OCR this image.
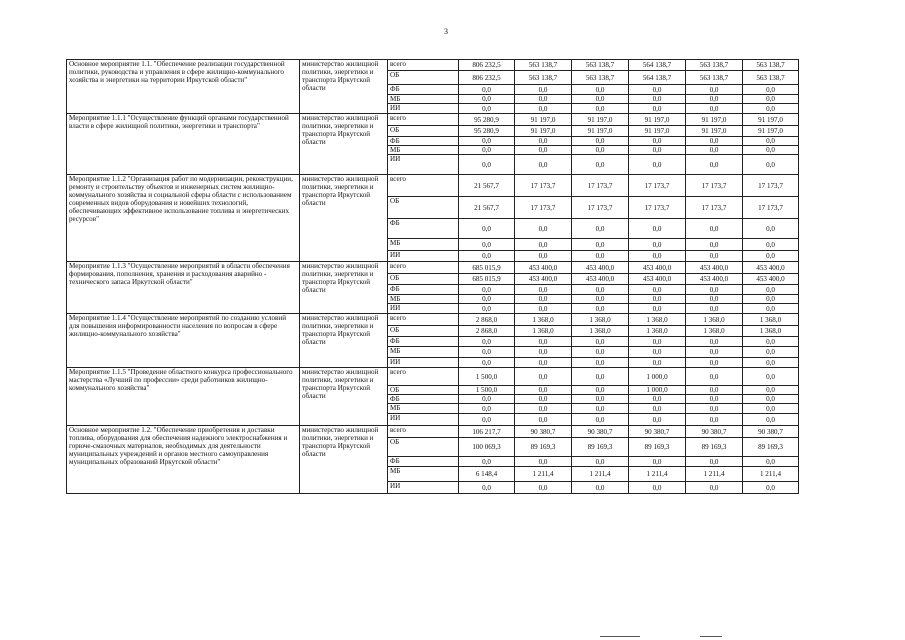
3
Основное мероприятие 1.1. "Обеспечение реализации государственной политики, руководства и управления в сфере жилищно-коммунального хозяйства и энергетики на территории Иркутской области"	министерство жилищной политики, энергетики и транспорта Иркутской области	всего	806 232,5	563 138,7	563 138,7	564 138,7	563 138,7	563 138,7
		ОБ	806 232,5	563 138,7	563 138,7	564 138,7	563 138,7	563 138,7
		ФБ	0,0	0,0	0,0	0,0	0,0	0,0
		МБ	0,0	0,0	0,0	0,0	0,0	0,0
		ИИ	0,0	0,0	0,0	0,0	0,0	0,0
Мероприятие 1.1.1 "Осуществление функций органами государственной власти в сфере жилищной политики, энергетики и транспорта"	министерство жилищной политики, энергетики и транспорта Иркутской области	всего	95 280,9	91 197,0	91 197,0	91 197,0	91 197,0	91 197,0
		ОБ	95 280,9	91 197,0	91 197,0	91 197,0	91 197,0	91 197,0
		ФБ	0,0	0,0	0,0	0,0	0,0	0,0
		МБ	0,0	0,0	0,0	0,0	0,0	0,0
		ИИ	0,0	0,0	0,0	0,0	0,0	0,0
Мероприятие 1.1.2 "Организация работ по модернизации, реконструкции, ремонту и строительству объектов и инженерных систем жилищно-коммунального хозяйства и социальной сферы области с использованием современных видов оборудования и новейших технологий, обеспечивающих эффективное использование топлива и энергетических ресурсов"	министерство жилищной политики, энергетики и транспорта Иркутской области	всего	21 567,7	17 173,7	17 173,7	17 173,7	17 173,7	17 173,7
		ОБ	21 567,7	17 173,7	17 173,7	17 173,7	17 173,7	17 173,7
		ФБ	0,0	0,0	0,0	0,0	0,0	0,0
		МБ	0,0	0,0	0,0	0,0	0,0	0,0
		ИИ	0,0	0,0	0,0	0,0	0,0	0,0
Мероприятие 1.1.3 "Осуществление мероприятий в области обеспечения формирования, пополнения, хранения и расходования аварийно - технического запаса Иркутской области"	министерство жилищной политики, энергетики и транспорта Иркутской области	всего	685 015,9	453 400,0	453 400,0	453 400,0	453 400,0	453 400,0
		ОБ	685 015,9	453 400,0	453 400,0	453 400,0	453 400,0	453 400,0
		ФБ	0,0	0,0	0,0	0,0	0,0	0,0
		МБ	0,0	0,0	0,0	0,0	0,0	0,0
		ИИ	0,0	0,0	0,0	0,0	0,0	0,0
Мероприятие 1.1.4 "Осуществление мероприятий по созданию условий для повышения информированности населения по вопросам в сфере жилищно-коммунального хозяйства"	министерство жилищной политики, энергетики и транспорта Иркутской области	всего	2 868,0	1 368,0	1 368,0	1 368,0	1 368,0	1 368,0
		ОБ	2 868,0	1 368,0	1 368,0	1 368,0	1 368,0	1 368,0
		ФБ	0,0	0,0	0,0	0,0	0,0	0,0
		МБ	0,0	0,0	0,0	0,0	0,0	0,0
		ИИ	0,0	0,0	0,0	0,0	0,0	0,0
Мероприятие 1.1.5 "Проведение областного конкурса профессионального мастерства «Лучший по профессии» среди работников жилищно-коммунального хозяйства"	министерство жилищной политики, энергетики и транспорта Иркутской области	всего	1 500,0	0,0	0,0	1 000,0	0,0	0,0
		ОБ	1 500,0	0,0	0,0	1 000,0	0,0	0,0
		ФБ	0,0	0,0	0,0	0,0	0,0	0,0
		МБ	0,0	0,0	0,0	0,0	0,0	0,0
		ИИ	0,0	0,0	0,0	0,0	0,0	0,0
Основное мероприятие 1.2. "Обеспечение приобретения и доставки топлива, оборудования для обеспечения надежного электроснабжения и горюче-смазочных материалов, необходимых для деятельности муниципальных учреждений и органов местного самоуправления муниципальных образований Иркутской области"	министерство жилищной политики, энергетики и транспорта Иркутской области	всего	106 217,7	90 380,7	90 380,7	90 380,7	90 380,7	90 380,7
		ОБ	100 069,3	89 169,3	89 169,3	89 169,3	89 169,3	89 169,3
		ФБ	0,0	0,0	0,0	0,0	0,0	0,0
		МБ	6 148,4	1 211,4	1 211,4	1 211,4	1 211,4	1 211,4
		ИИ	0,0	0,0	0,0	0,0	0,0	0,0
